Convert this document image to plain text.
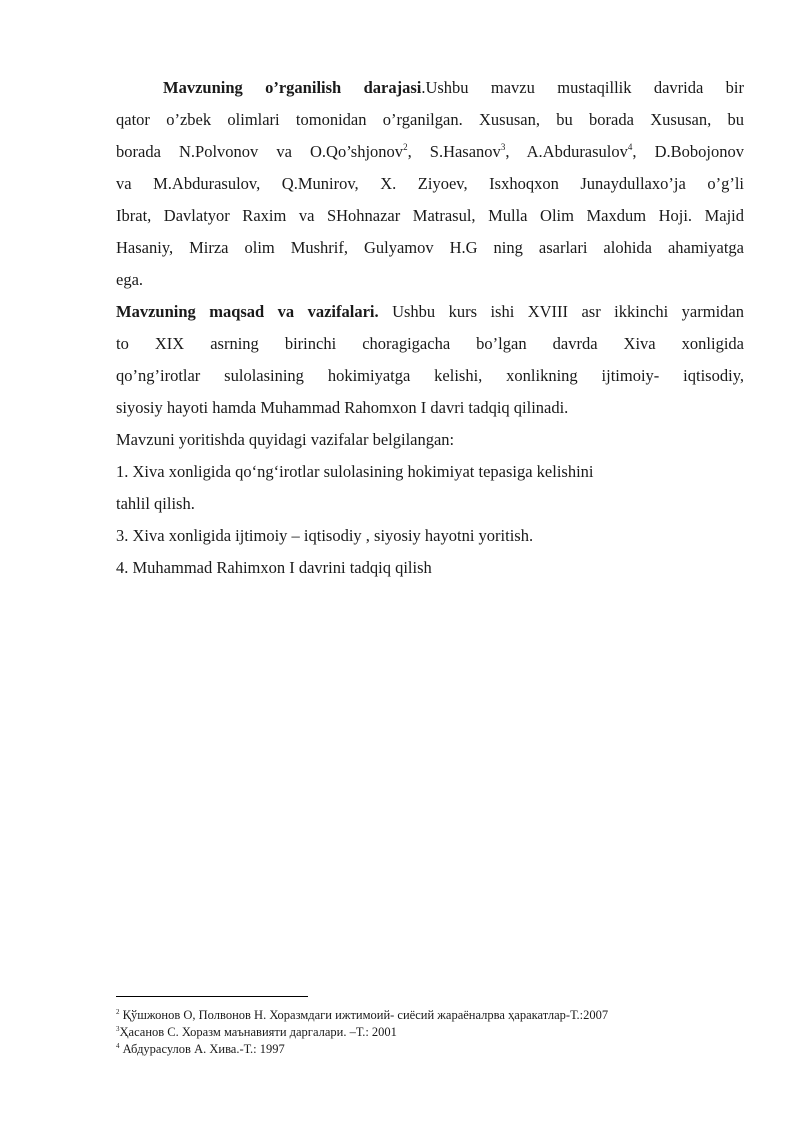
Mavzuning o’rganilish darajasi.Ushbu mavzu mustaqillik davrida bir

qator o’zbek olimlari tomonidan o’rganilgan. Xususan, bu borada Xususan, bu

borada N.Polvonov va O.Qo’shjonov$^2$, S.Hasanov$^3$, A.Abdurasulov$^4$, D.Bobojonov

va M.Abdurasulov, Q.Munirov, X. Ziyoev, Isxhoqxon Junaydullaxo’ja o’g’li

Ibrat, Davlatyor Raxim va SHohnazar Matrasul, Mulla Olim Maxdum Hoji. Majid

Hasaniy, Mirza olim Mushrif, Gulyamov H.G ning asarlari alohida ahamiyatga

ega.

Mavzuning maqsad va vazifalari. Ushbu kurs ishi XVIII asr ikkinchi yarmidan

to XIX asrning birinchi choragigacha bo’lgan davrda Xiva xonligida

qo’ng’irotlar sulolasining hokimiyatga kelishi, xonlikning ijtimoiy- iqtisodiy,

siyosiy hayoti hamda Muhammad Rahomxon I davri tadqiq qilinadi.

Mavzuni yoritishda quyidagi vazifalar belgilangan:

1. Xiva xonligida qo‘ng‘irotlar sulolasining hokimiyat tepasiga kelishini

tahlil qilish.

3. Xiva xonligida ijtimoiy – iqtisodiy , siyosiy hayotni yoritish.

4. Muhammad Rahimxon I davrini tadqiq qilish

$^2$ Қўшжонов О, Полвонов Н. Хоразмдаги ижтимоий- сиёсий жараёналрва ҳаракатлар-Т.:2007
$^3$Ҳасанов С. Хоразм маънавияти даргалари. –Т.: 2001
$^4$ Абдурасулов А. Хива.-Т.: 1997
